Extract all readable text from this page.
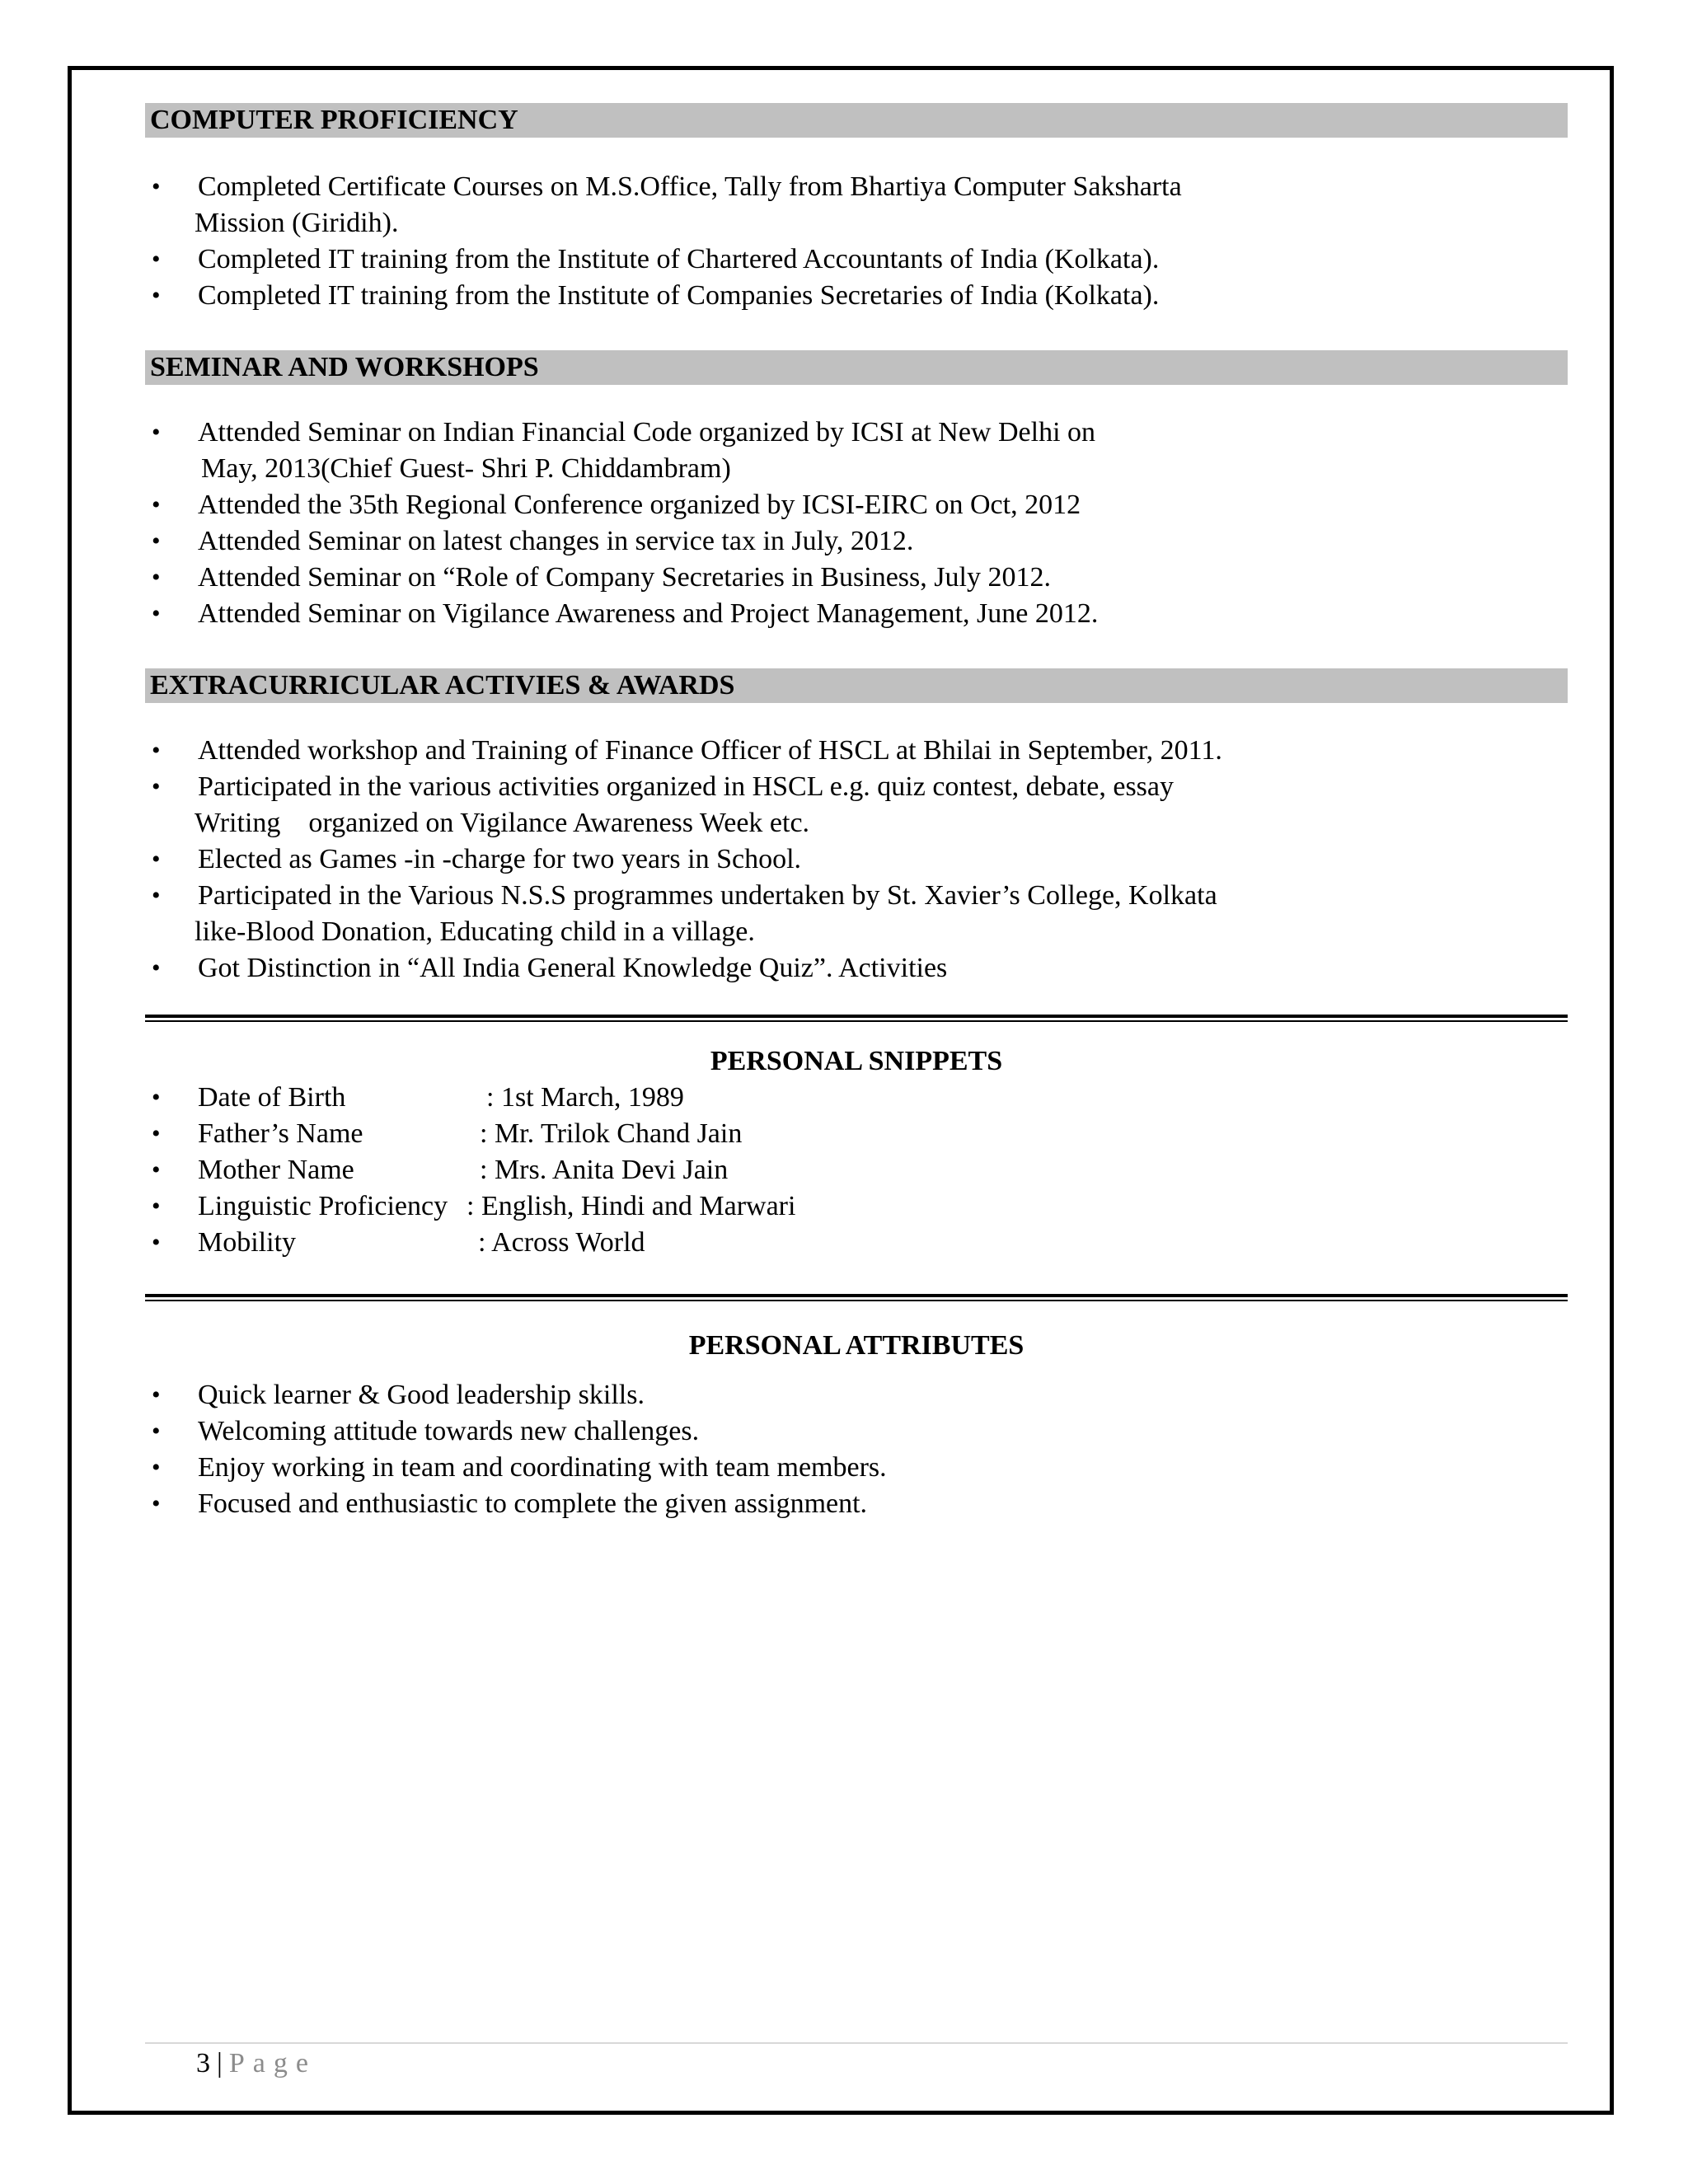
COMPUTER PROFICIENCY
• Completed Certificate Courses on M.S.Office, Tally from Bhartiya Computer Saksharta
Mission (Giridih).
• Completed IT training from the Institute of Chartered Accountants of India (Kolkata).
• Completed IT training from the Institute of Companies Secretaries of India (Kolkata).
SEMINAR AND WORKSHOPS
• Attended Seminar on Indian Financial Code organized by ICSI at New Delhi on
May, 2013(Chief Guest- Shri P. Chiddambram)
• Attended the 35th Regional Conference organized by ICSI-EIRC on Oct, 2012
• Attended Seminar on latest changes in service tax in July, 2012.
• Attended Seminar on “Role of Company Secretaries in Business, July 2012.
• Attended Seminar on Vigilance Awareness and Project Management, June 2012.
EXTRACURRICULAR ACTIVIES & AWARDS
• Attended workshop and Training of Finance Officer of HSCL at Bhilai in September, 2011.
• Participated in the various activities organized in HSCL e.g. quiz contest, debate, essay
Writing    organized on Vigilance Awareness Week etc.
• Elected as Games -in -charge for two years in School.
• Participated in the Various N.S.S programmes undertaken by St. Xavier’s College, Kolkata
like-Blood Donation, Educating child in a village.
• Got Distinction in “All India General Knowledge Quiz”. Activities
PERSONAL SNIPPETS
• Date of Birth	: 1st March, 1989
• Father’s Name	: Mr. Trilok Chand Jain
• Mother Name	: Mrs. Anita Devi Jain
• Linguistic Proficiency : English, Hindi and Marwari
• Mobility	: Across World
PERSONAL ATTRIBUTES
• Quick learner & Good leadership skills.
• Welcoming attitude towards new challenges.
• Enjoy working in team and coordinating with team members.
• Focused and enthusiastic to complete the given assignment.
3 | Page
